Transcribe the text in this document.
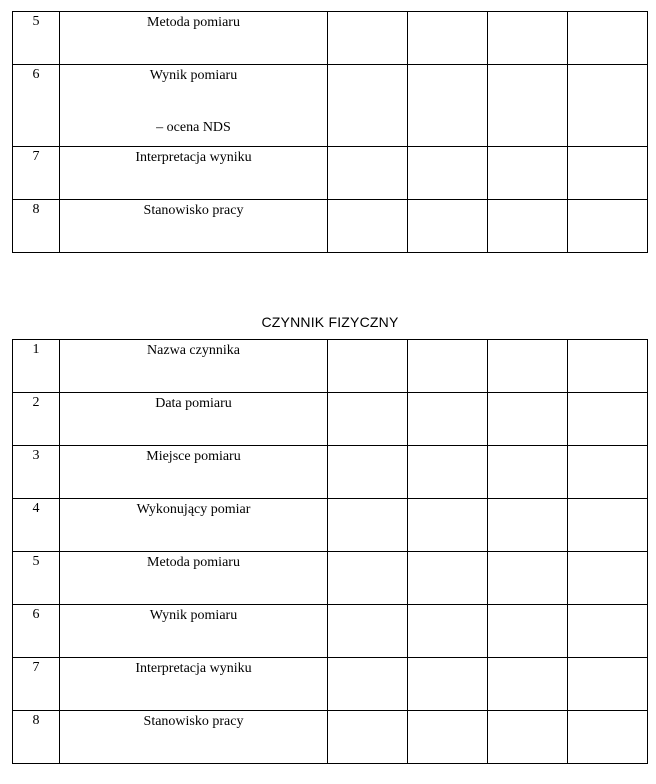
5	Metoda pomiaru				

6	Wynik pomiaru
– ocena NDS				

7	Interpretacja wyniku				

8	Stanowisko pracy				

CZYNNIK FIZYCZNY
1	Nazwa czynnika				

2	Data pomiaru				

3	Miejsce pomiaru				

4	Wykonujący pomiar				

5	Metoda pomiaru				

6	Wynik pomiaru				

7	Interpretacja wyniku				

8	Stanowisko pracy				
